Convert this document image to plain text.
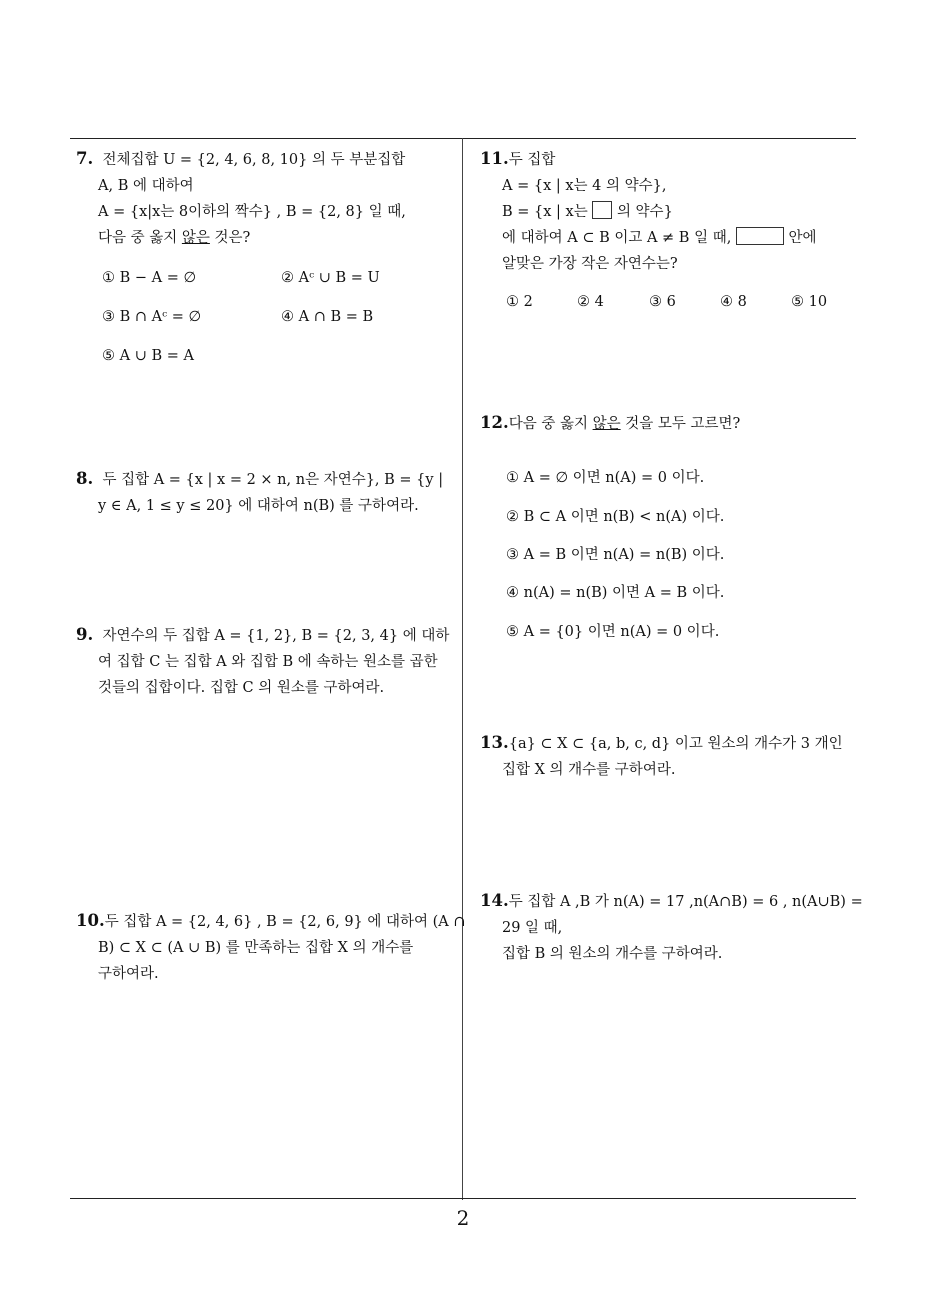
7. 전체집합 U = {2, 4, 6, 8, 10} 의 두 부분집합
A, B 에 대하여
A = {x|x는 8이하의 짝수} , B = {2, 8} 일 때,
다음 중 옳지 않은 것은?
① B − A = ∅	② Aᶜ ∪ B = U
③ B ∩ Aᶜ = ∅	④ A ∩ B = B
⑤ A ∪ B = A
8. 두 집합 A = {x | x = 2 × n, n은 자연수}, B = {y |
y ∈ A, 1 ≤ y ≤ 20} 에 대하여 n(B) 를 구하여라.
9. 자연수의 두 집합 A = {1, 2}, B = {2, 3, 4} 에 대하
여 집합 C 는 집합 A 와 집합 B 에 속하는 원소를 곱한
것들의 집합이다. 집합 C 의 원소를 구하여라.
10.두 집합 A = {2, 4, 6} , B = {2, 6, 9} 에 대하여 (A ∩
B) ⊂ X ⊂ (A ∪ B) 를 만족하는 집합 X 의 개수를
구하여라.
11.두 집합
A = {x | x는 4 의 약수},
B = {x | x는 의 약수}
에 대하여 A ⊂ B 이고 A ≠ B 일 때,	안에
알맞은 가장 작은 자연수는?
① 2	② 4	③ 6	④ 8	⑤ 10
12.다음 중 옳지 않은 것을 모두 고르면?
① A = ∅ 이면 n(A) = 0 이다.
② B ⊂ A 이면 n(B) < n(A) 이다.
③ A = B 이면 n(A) = n(B) 이다.
④ n(A) = n(B) 이면 A = B 이다.
⑤ A = {0} 이면 n(A) = 0 이다.
13.{a} ⊂ X ⊂ {a, b, c, d} 이고 원소의 개수가 3 개인
집합 X 의 개수를 구하여라.
14.두 집합 A ,B 가 n(A) = 17 ,n(A∩B) = 6 , n(A∪B) =
29 일 때,
집합 B 의 원소의 개수를 구하여라.
2
